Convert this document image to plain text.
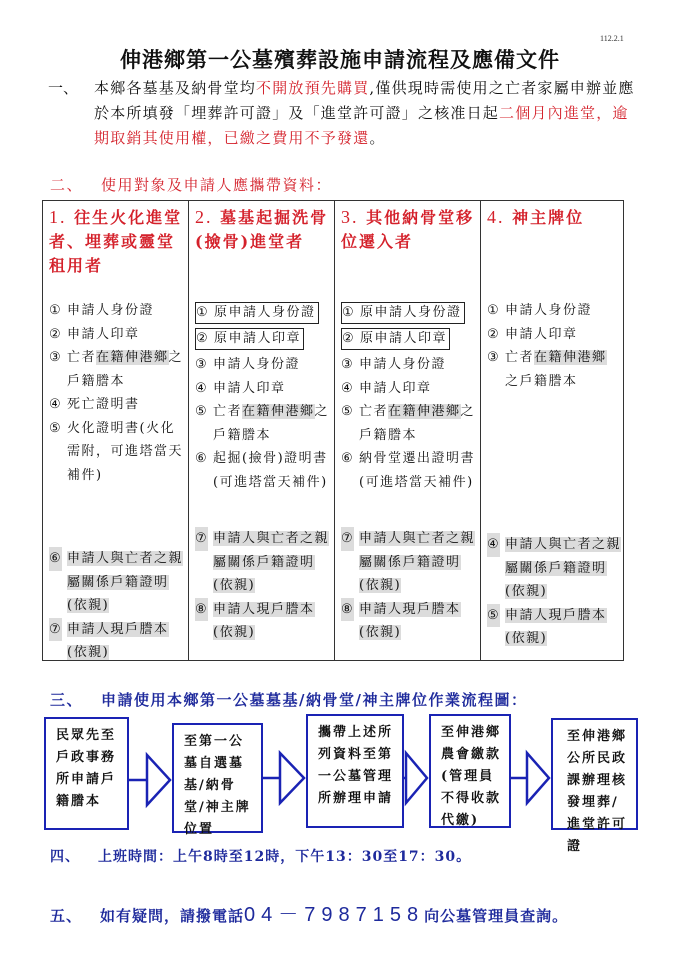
112.2.1
伸港鄉第一公墓殯葬設施申請流程及應備文件
一、 本鄉各墓基及納骨堂均不開放預先購買,僅供現時需使用之亡者家屬申辦並應於本所填發「埋葬許可證」及「進堂許可證」之核准日起二個月內進堂，逾期取銷其使用權，已繳之費用不予發還。
二、 使用對象及申請人應攜帶資料：
1. 往生火化進堂者、埋葬或靈堂租用者
① 申請人身份證
② 申請人印章
③ 亡者在籍伸港鄉之戶籍謄本
④ 死亡證明書
⑤ 火化證明書(火化需附，可進塔當天補件)
⑥ 申請人與亡者之親屬關係戶籍證明(依親)
⑦ 申請人現戶謄本(依親)
2. 墓基起掘洗骨(撿骨)進堂者
① 原申請人身份證
② 原申請人印章
③ 申請人身份證
④ 申請人印章
⑤ 亡者在籍伸港鄉之戶籍謄本
⑥ 起掘(撿骨)證明書(可進塔當天補件)
⑦ 申請人與亡者之親屬關係戶籍證明(依親)
⑧ 申請人現戶謄本(依親)
3. 其他納骨堂移位遷入者
① 原申請人身份證
② 原申請人印章
③ 申請人身份證
④ 申請人印章
⑤ 亡者在籍伸港鄉之戶籍謄本
⑥ 納骨堂遷出證明書(可進塔當天補件)
⑦ 申請人與亡者之親屬關係戶籍證明(依親)
⑧ 申請人現戶謄本(依親)
4. 神主牌位
① 申請人身份證
② 申請人印章
③ 亡者在籍伸港鄉之戶籍謄本
④ 申請人與亡者之親屬關係戶籍證明(依親)
⑤ 申請人現戶謄本(依親)
三、 申請使用本鄉第一公墓墓基/納骨堂/神主牌位作業流程圖：
民眾先至戶政事務所申請戶籍謄本
至第一公墓自選墓基/納骨堂/神主牌位置
攜帶上述所列資料至第一公墓管理所辦理申請
至伸港鄉農會繳款(管理員不得收款代繳)
至伸港鄉公所民政課辦理核發埋葬/進堂許可證
四、 上班時間：上午8時至12時，下午13：30至17：30。
五、 如有疑問，請撥電話04－7987158向公墓管理員查詢。
